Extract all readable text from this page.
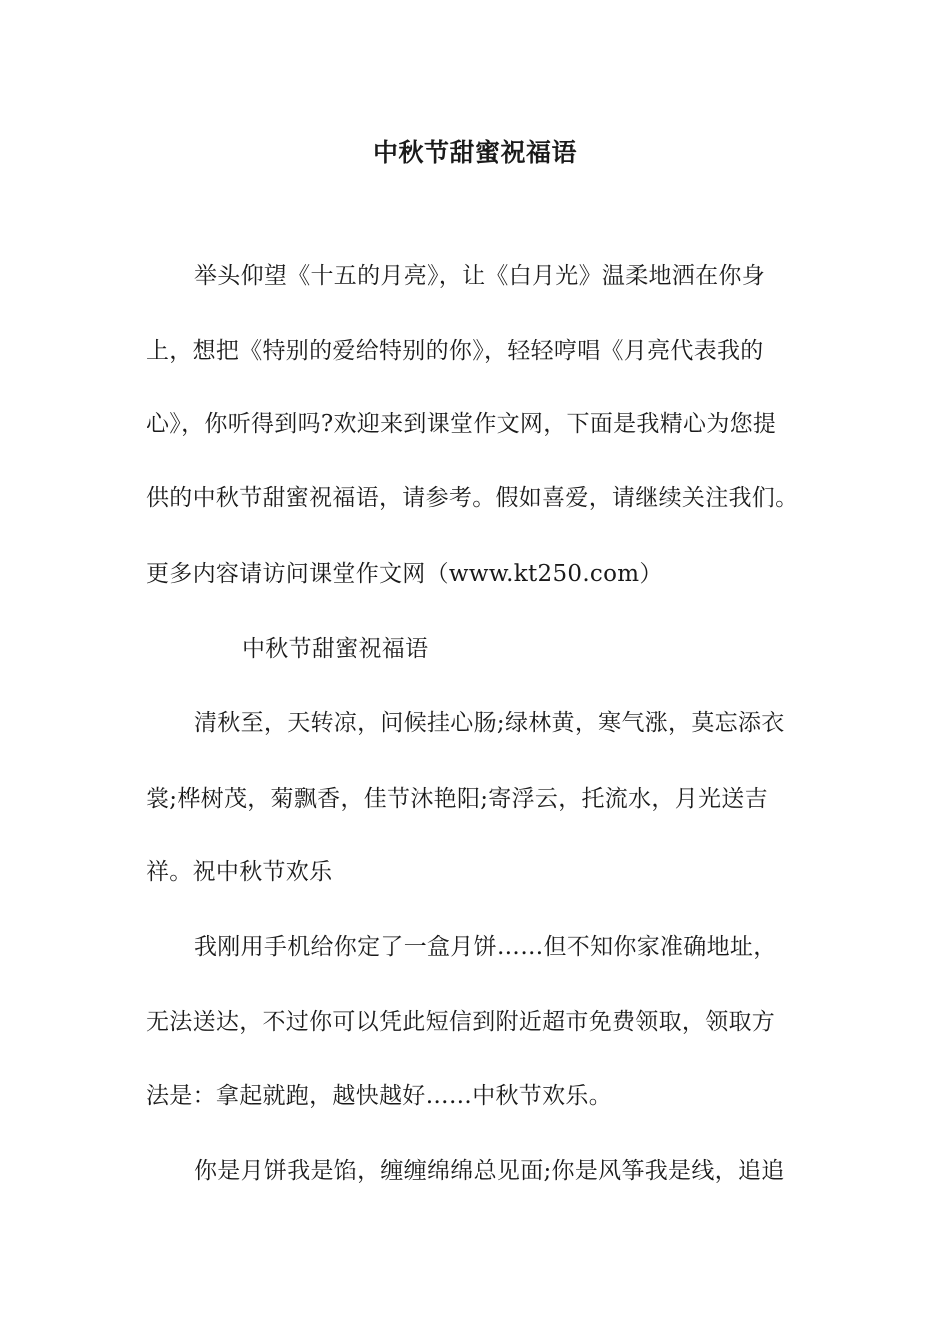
中秋节甜蜜祝福语
举头仰望《十五的月亮》，让《白月光》温柔地洒在你身
上，想把《特别的爱给特别的你》，轻轻哼唱《月亮代表我的
心》，你听得到吗?欢迎来到课堂作文网，下面是我精心为您提
供的中秋节甜蜜祝福语，请参考。假如喜爱，请继续关注我们。
更多内容请访问课堂作文网（www.kt250.com）
中秋节甜蜜祝福语
清秋至，天转凉，问候挂心肠;绿林黄，寒气涨，莫忘添衣
裳;桦树茂，菊飘香，佳节沐艳阳;寄浮云，托流水，月光送吉
祥。祝中秋节欢乐
我刚用手机给你定了一盒月饼……但不知你家准确地址，
无法送达，不过你可以凭此短信到附近超市免费领取，领取方
法是：拿起就跑，越快越好……中秋节欢乐。
你是月饼我是馅，缠缠绵绵总见面;你是风筝我是线，追追
